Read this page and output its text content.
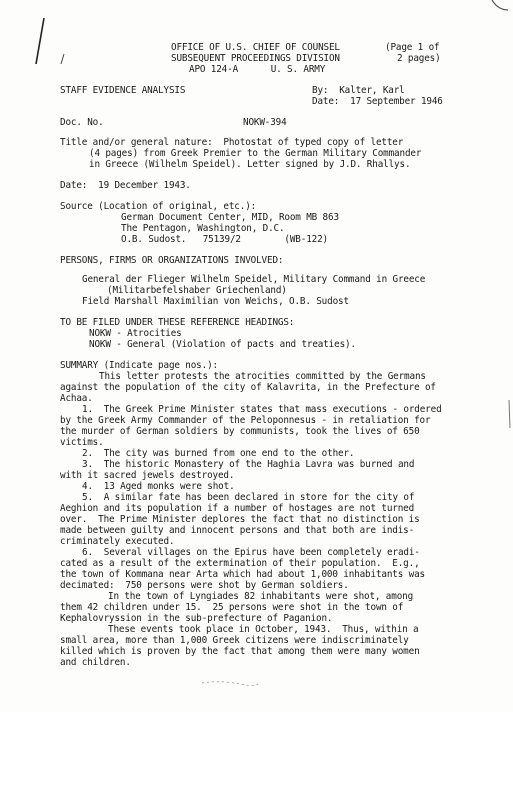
OFFICE OF U.S. CHIEF OF COUNSEL
SUBSEQUENT PROCEEDINGS DIVISION
APO 124-A      U. S. ARMY
(Page 1 of
2 pages)
STAFF EVIDENCE ANALYSIS	By:  Kalter, Karl
Date:  17 September 1946
Doc. No.	NOKW-394
Title and/or general nature:  Photostat of typed copy of letter
(4 pages) from Greek Premier to the German Military Commander
in Greece (Wilhelm Speidel). Letter signed by J.D. Rhallys.
Date:  19 December 1943.
Source (Location of original, etc.):
German Document Center, MID, Room MB 863
The Pentagon, Washington, D.C.
O.B. Sudost.   75139/2        (WB-122)
PERSONS, FIRMS OR ORGANIZATIONS INVOLVED:
General der Flieger Wilhelm Speidel, Military Command in Greece
(Militarbefelshaber Griechenland)
Field Marshall Maximilian von Weichs, O.B. Sudost
TO BE FILED UNDER THESE REFERENCE HEADINGS:
NOKW - Atrocities
NOKW - General (Violation of pacts and treaties).
SUMMARY (Indicate page nos.):
This letter protests the atrocities committed by the Germans
against the population of the city of Kalavrita, in the Prefecture of
Achaa.
1.  The Greek Prime Minister states that mass executions - ordered
by the Greek Army Commander of the Peloponnesus - in retaliation for
the murder of German soldiers by communists, took the lives of 650
victims.
2.  The city was burned from one end to the other.
3.  The historic Monastery of the Haghia Lavra was burned and
with it sacred jewels destroyed.
4.  13 Aged monks were shot.
5.  A similar fate has been declared in store for the city of
Aeghion and its population if a number of hostages are not turned
over.  The Prime Minister deplores the fact that no distinction is
made between guilty and innocent persons and that both are indis-
criminately executed.
6.  Several villages on the Epirus have been completely eradi-
cated as a result of the extermination of their population.  E.g.,
the town of Kommana near Arta which had about 1,000 inhabitants was
decimated:  750 persons were shot by German soldiers.
In the town of Lyngiades 82 inhabitants were shot, among
them 42 children under 15.  25 persons were shot in the town of
Kephalovryssion in the sub-prefecture of Paganion.
These events took place in October, 1943.  Thus, within a
small area, more than 1,000 Greek citizens were indiscriminately
killed which is proven by the fact that among them were many women
and children.
